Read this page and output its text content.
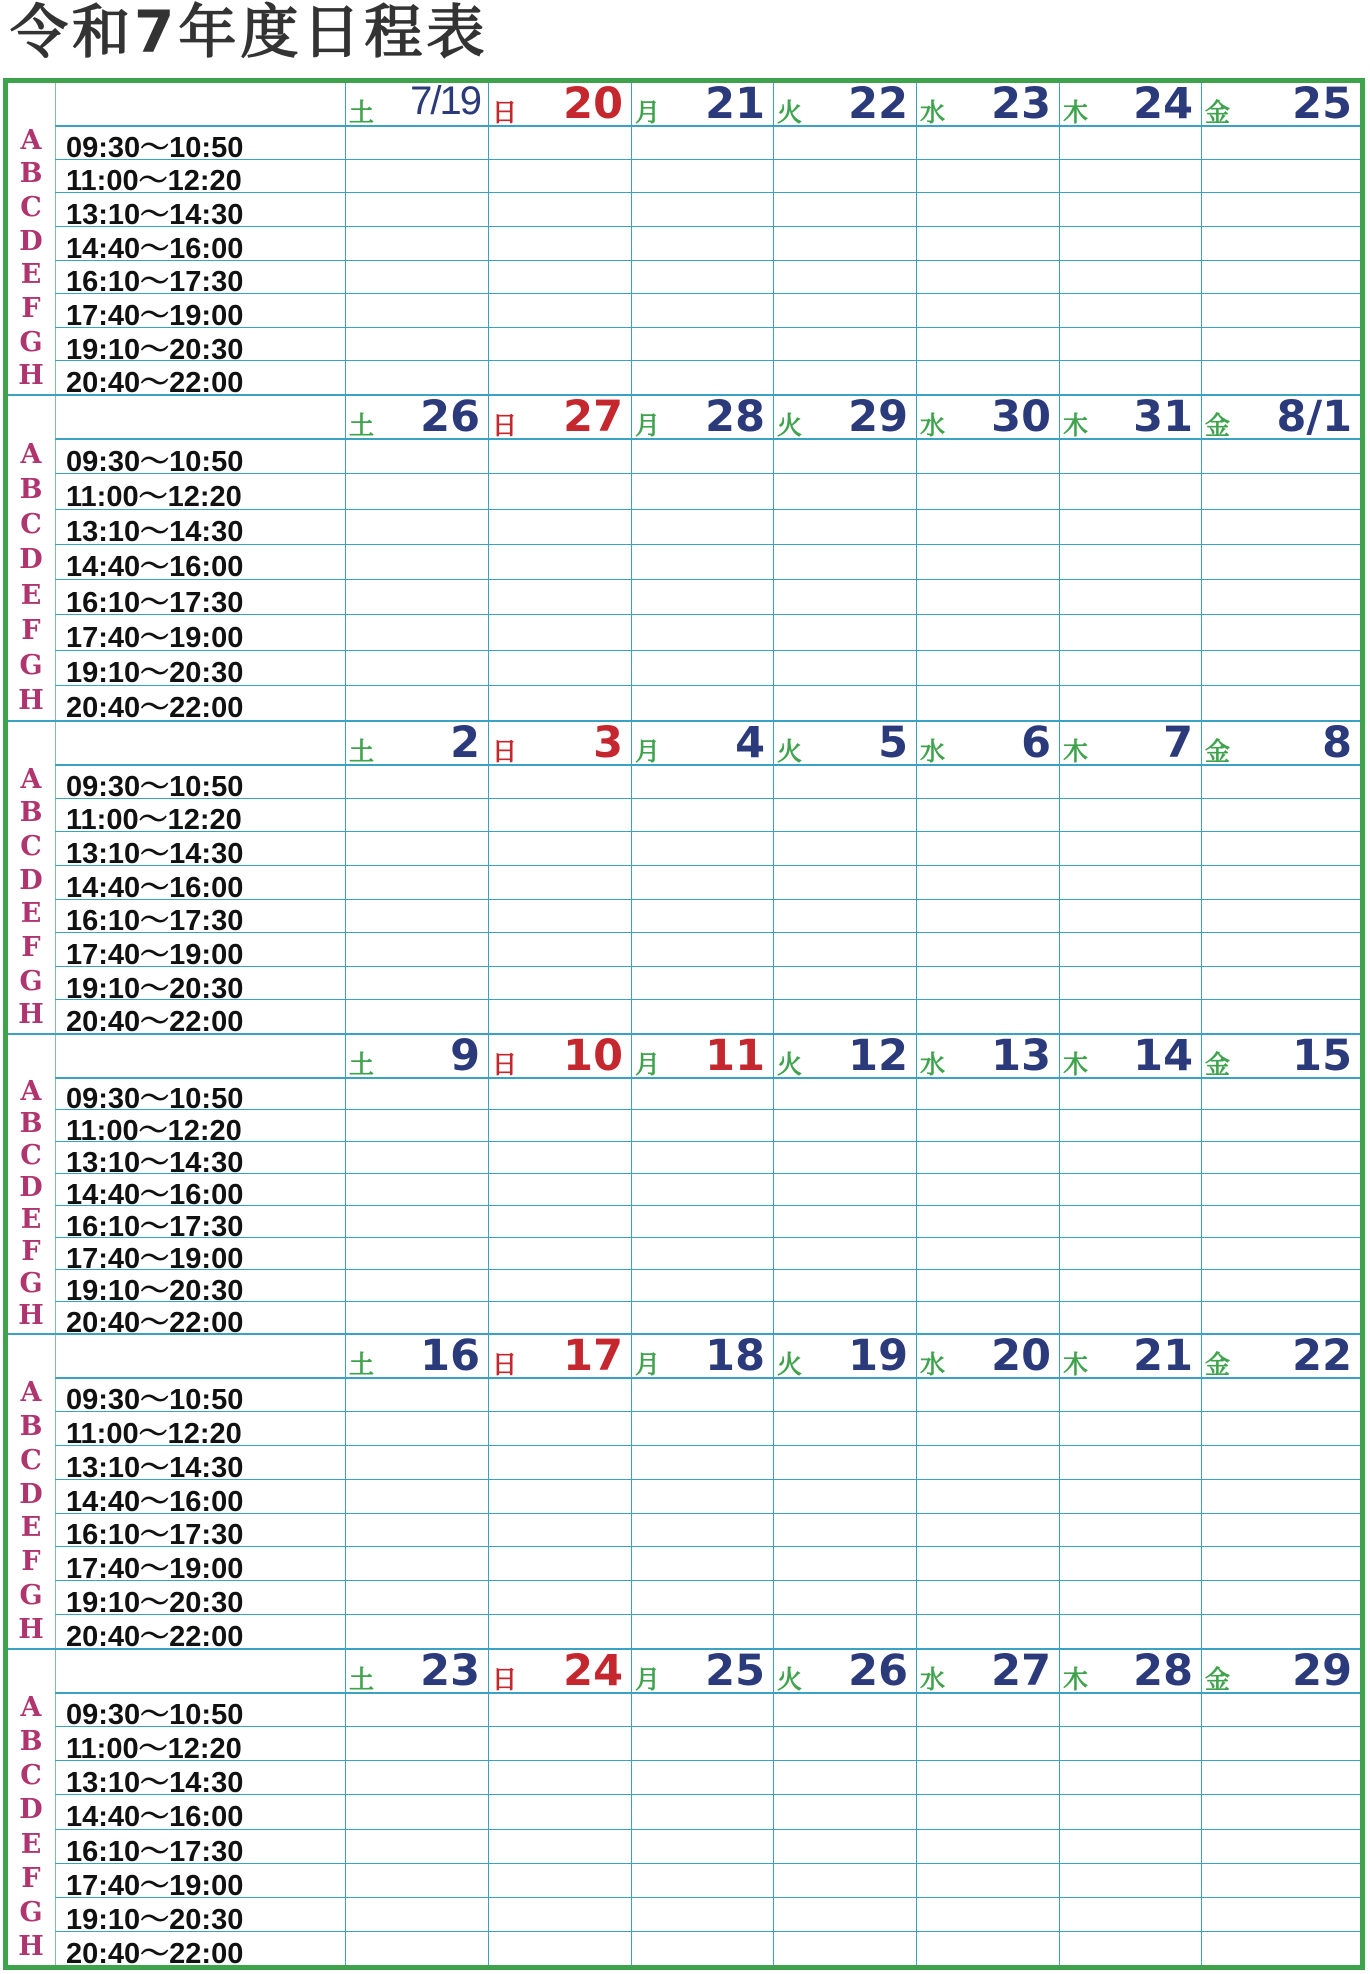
令和7年度日程表
土 7/19 日 20 月 21 火 22 水 23 木 24 金 25
A 09:30～10:50
B 11:00～12:20
C 13:10～14:30
D 14:40～16:00
E 16:10～17:30
F 17:40～19:00
G 19:10～20:30
H 20:40～22:00
土 26 日 27 月 28 火 29 水 30 木 31 金 8/1
A 09:30～10:50
B 11:00～12:20
C 13:10～14:30
D 14:40～16:00
E 16:10～17:30
F 17:40～19:00
G 19:10～20:30
H 20:40～22:00
土 2 日 3 月 4 火 5 水 6 木 7 金 8
A 09:30～10:50
B 11:00～12:20
C 13:10～14:30
D 14:40～16:00
E 16:10～17:30
F 17:40～19:00
G 19:10～20:30
H 20:40～22:00
土 9 日 10 月 11 火 12 水 13 木 14 金 15
A 09:30～10:50
B 11:00～12:20
C 13:10～14:30
D 14:40～16:00
E 16:10～17:30
F 17:40～19:00
G 19:10～20:30
H 20:40～22:00
土 16 日 17 月 18 火 19 水 20 木 21 金 22
A 09:30～10:50
B 11:00～12:20
C 13:10～14:30
D 14:40～16:00
E 16:10～17:30
F 17:40～19:00
G 19:10～20:30
H 20:40～22:00
土 23 日 24 月 25 火 26 水 27 木 28 金 29
A 09:30～10:50
B 11:00～12:20
C 13:10～14:30
D 14:40～16:00
E 16:10～17:30
F 17:40～19:00
G 19:10～20:30
H 20:40～22:00
